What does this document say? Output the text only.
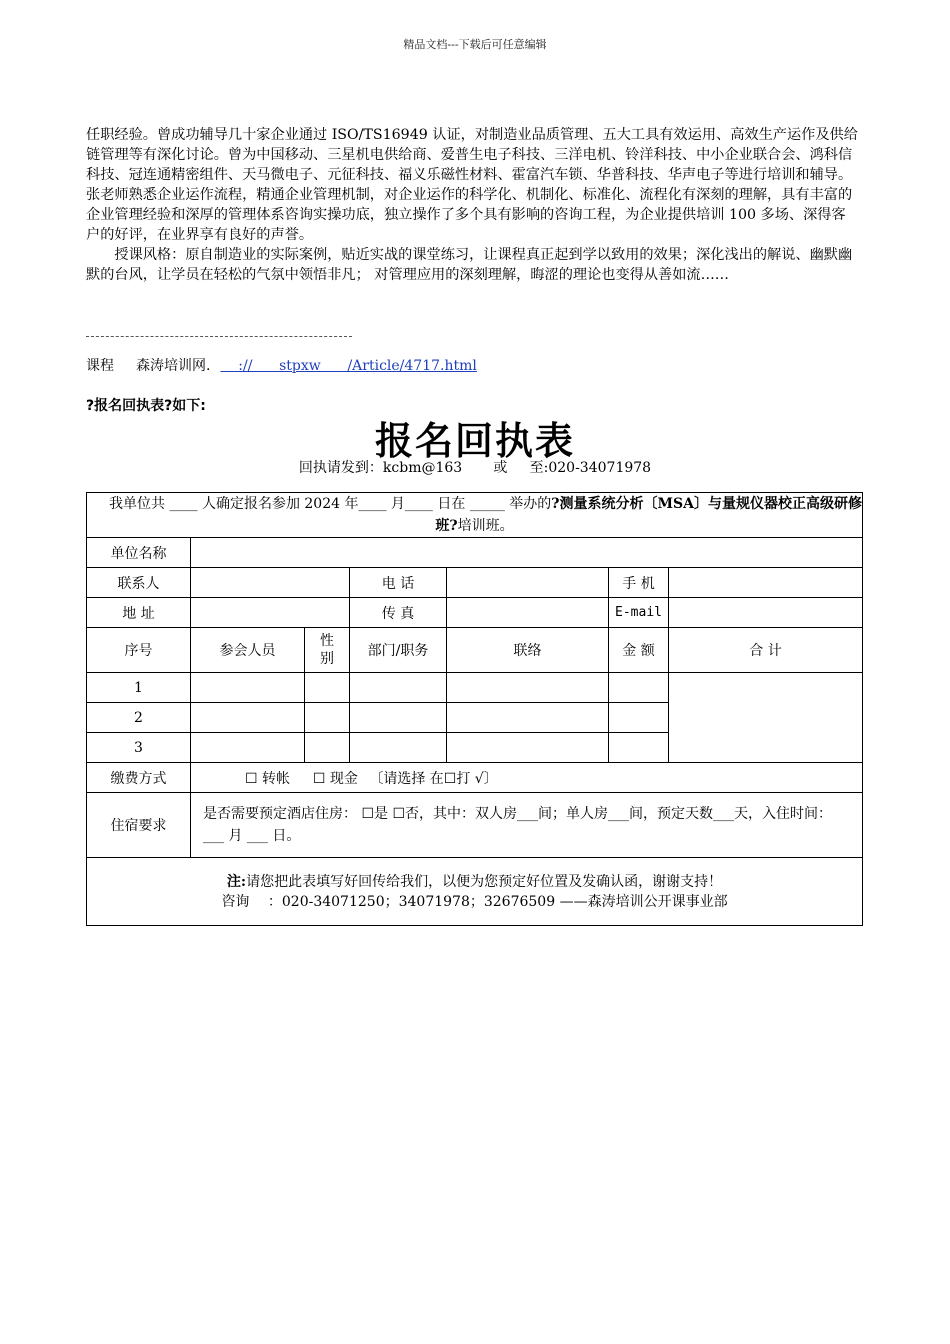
精品文档---下载后可任意编辑

任职经验。曾成功辅导几十家企业通过 ISO/TS16949 认证，对制造业品质管理、五大工具有效运用、高效生产运作及供给链管理等有深化讨论。曾为中国移动、三星机电供给商、爱普生电子科技、三洋电机、铃洋科技、中小企业联合会、鸿科信科技、冠连通精密组件、天马微电子、元征科技、福义乐磁性材料、霍富汽车锁、华普科技、华声电子等进行培训和辅导。张老师熟悉企业运作流程，精通企业管理机制，对企业运作的科学化、机制化、标准化、流程化有深刻的理解，具有丰富的企业管理经验和深厚的管理体系咨询实操功底，独立操作了多个具有影响的咨询工程，为企业提供培训 100 多场、深得客户的好评，在业界享有良好的声誉。

授课风格：原自制造业的实际案例，贴近实战的课堂练习，让课程真正起到学以致用的效果；深化浅出的解说、幽默幽默的台风，让学员在轻松的气氛中领悟非凡； 对管理应用的深刻理解，晦涩的理论也变得从善如流……

课程 森涛培训网.    ://      stpxw      /Article/4717.html
?报名回执表?如下:
报名回执表
回执请发到：kcbm@163 或 至:020-34071978
我单位共 ____ 人确定报名参加 2024 年____ 月____ 日在 _____ 举办的?测量系统分析〔MSA〕与量规仪器校正高级研修班?培训班。						
单位名称						
联系人			电 话		手 机	
地 址			传 真		E-mail	
序号	参会人员	性别	部门/职务	联络	金 额	合 计
1						
2						
3						
缴费方式	☐ 转帐 　 ☐ 现金 　〔请选择 在☐打 √〕					
住宿要求	是否需要预定酒店住房： ☐是 ☐否，其中：双人房___间；单人房___间，预定天数___天，入住时间：___ 月 ___ 日。					

注:请您把此表填写好回传给我们，以便为您预定好位置及发确认函，谢谢支持！
咨询　 ：020-34071250；34071978；32676509 ——森涛培训公开课事业部						
